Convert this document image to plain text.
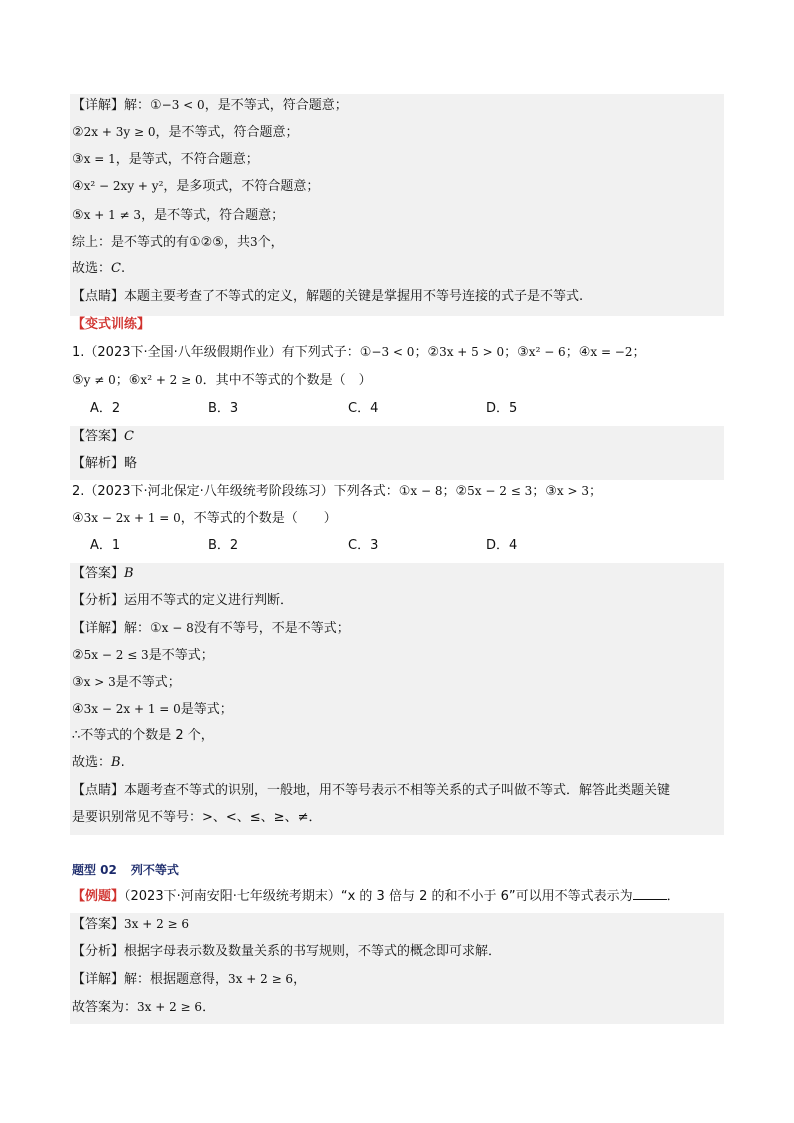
【详解】解：①−3 < 0，是不等式，符合题意；
②2x + 3y ≥ 0，是不等式，符合题意；
③x = 1，是等式，不符合题意；
④x² − 2xy + y²，是多项式，不符合题意；
⑤x + 1 ≠ 3，是不等式，符合题意；
综上：是不等式的有①②⑤，共3个，
故选：C.
【点睛】本题主要考查了不等式的定义，解题的关键是掌握用不等号连接的式子是不等式.
【变式训练】
1.（2023下·全国·八年级假期作业）有下列式子：①−3 < 0；②3x + 5 > 0；③x² − 6；④x = −2；
⑤y ≠ 0；⑥x² + 2 ≥ 0．其中不等式的个数是（　）
A．2	B．3	C．4	D．5
【答案】C
【解析】略
2.（2023下·河北保定·八年级统考阶段练习）下列各式：①x − 8；②5x − 2 ≤ 3；③x > 3；
④3x − 2x + 1 = 0，不等式的个数是（　　）
A．1	B．2	C．3	D．4
【答案】B
【分析】运用不等式的定义进行判断．
【详解】解：①x − 8没有不等号，不是不等式；
②5x − 2 ≤ 3是不等式；
③x > 3是不等式；
④3x − 2x + 1 = 0是等式；
∴不等式的个数是 2 个，
故选：B.
【点睛】本题考查不等式的识别，一般地，用不等号表示不相等关系的式子叫做不等式．解答此类题关键
是要识别常见不等号：>、<、≤、≥、≠．
题型 02 列不等式
【例题】（2023下·河南安阳·七年级统考期末）“x 的 3 倍与 2 的和不小于 6”可以用不等式表示为	．
【答案】3x + 2 ≥ 6
【分析】根据字母表示数及数量关系的书写规则，不等式的概念即可求解．
【详解】解：根据题意得，3x + 2 ≥ 6，
故答案为：3x + 2 ≥ 6．
